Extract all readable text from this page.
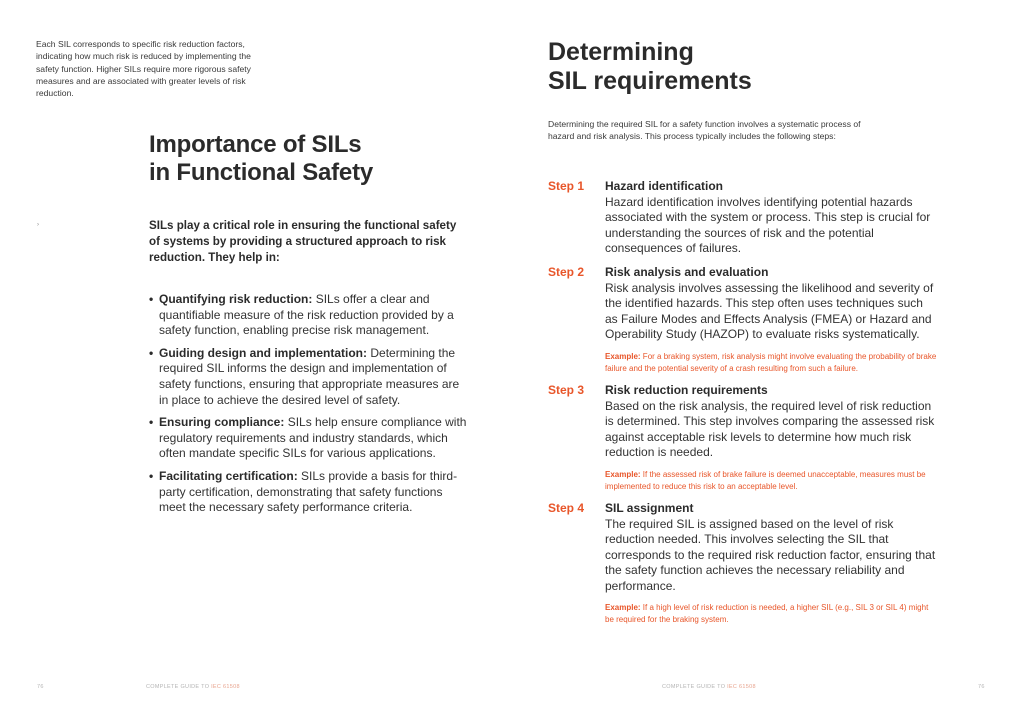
Each SIL corresponds to specific risk reduction factors, indicating how much risk is reduced by implementing the safety function. Higher SILs require more rigorous safety measures and are associated with greater levels of risk reduction.
Importance of SILs
in Functional Safety
›	SILs play a critical role in ensuring the functional safety of systems by providing a structured approach to risk reduction. They help in:
• Quantifying risk reduction: SILs offer a clear and quantifiable measure of the risk reduction provided by a safety function, enabling precise risk management.
• Guiding design and implementation: Determining the required SIL informs the design and implementation of safety functions, ensuring that appropriate measures are in place to achieve the desired level of safety.
• Ensuring compliance: SILs help ensure compliance with regulatory requirements and industry standards, which often mandate specific SILs for various applications.
• Facilitating certification: SILs provide a basis for third-party certification, demonstrating that safety functions meet the necessary safety performance criteria.
76	COMPLETE GUIDE TO IEC 61508
Determining
SIL requirements
Determining the required SIL for a safety function involves a systematic process of hazard and risk analysis. This process typically includes the following steps:
Step 1 Hazard identification
Hazard identification involves identifying potential hazards associated with the system or process. This step is crucial for understanding the sources of risk and the potential consequences of failures.
Step 2 Risk analysis and evaluation
Risk analysis involves assessing the likelihood and severity of the identified hazards. This step often uses techniques such as Failure Modes and Effects Analysis (FMEA) or Hazard and Operability Study (HAZOP) to evaluate risks systematically.
Example: For a braking system, risk analysis might involve evaluating the probability of brake failure and the potential severity of a crash resulting from such a failure.
Step 3 Risk reduction requirements
Based on the risk analysis, the required level of risk reduction is determined. This step involves comparing the assessed risk against acceptable risk levels to determine how much risk reduction is needed.
Example: If the assessed risk of brake failure is deemed unacceptable, measures must be implemented to reduce this risk to an acceptable level.
Step 4 SIL assignment
The required SIL is assigned based on the level of risk reduction needed. This involves selecting the SIL that corresponds to the required risk reduction factor, ensuring that the safety function achieves the necessary reliability and performance.
Example: If a high level of risk reduction is needed, a higher SIL (e.g., SIL 3 or SIL 4) might be required for the braking system.
COMPLETE GUIDE TO IEC 61508	76
